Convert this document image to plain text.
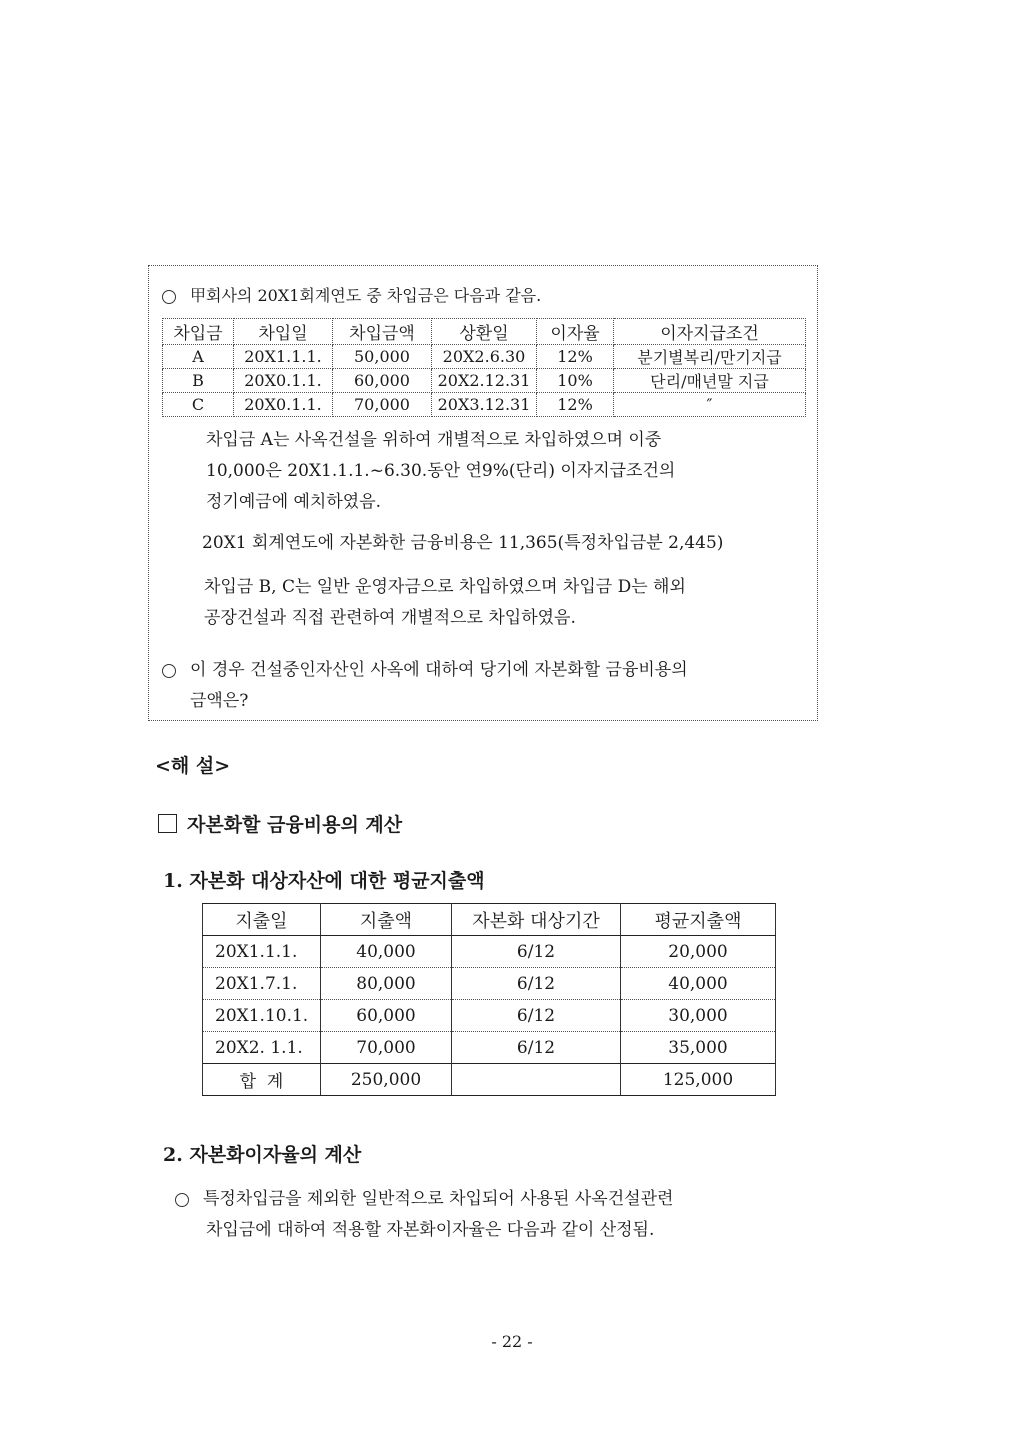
甲회사의 20X1회계연도 중 차입금은 다음과 같음.
차입금	차입일	차입금액	상환일	이자율	이자지급조건
A	20X1.1.1.	50,000	20X2.6.30	12%	분기별복리/만기지급
B	20X0.1.1.	60,000	20X2.12.31	10%	단리/매년말 지급
C	20X0.1.1.	70,000	20X3.12.31	12%	″
차입금 A는 사옥건설을 위하여 개별적으로 차입하였으며 이중
10,000은 20X1.1.1.~6.30.동안 연9%(단리) 이자지급조건의
정기예금에 예치하였음.
20X1 회계연도에 자본화한 금융비용은 11,365(특정차입금분 2,445)
차입금 B, C는 일반 운영자금으로 차입하였으며 차입금 D는 해외
공장건설과 직접 관련하여 개별적으로 차입하였음.
이 경우 건설중인자산인 사옥에 대하여 당기에 자본화할 금융비용의
금액은?
<해 설>
자본화할 금융비용의 계산
1. 자본화 대상자산에 대한 평균지출액
지출일	지출액	자본화 대상기간	평균지출액
20X1.1.1.	40,000	6/12	20,000
20X1.7.1.	80,000	6/12	40,000
20X1.10.1.	60,000	6/12	30,000
20X2. 1.1.	70,000	6/12	35,000
합  계	250,000		125,000
2. 자본화이자율의 계산
특정차입금을 제외한 일반적으로 차입되어 사용된 사옥건설관련
차입금에 대하여 적용할 자본화이자율은 다음과 같이 산정됨.
- 22 -
